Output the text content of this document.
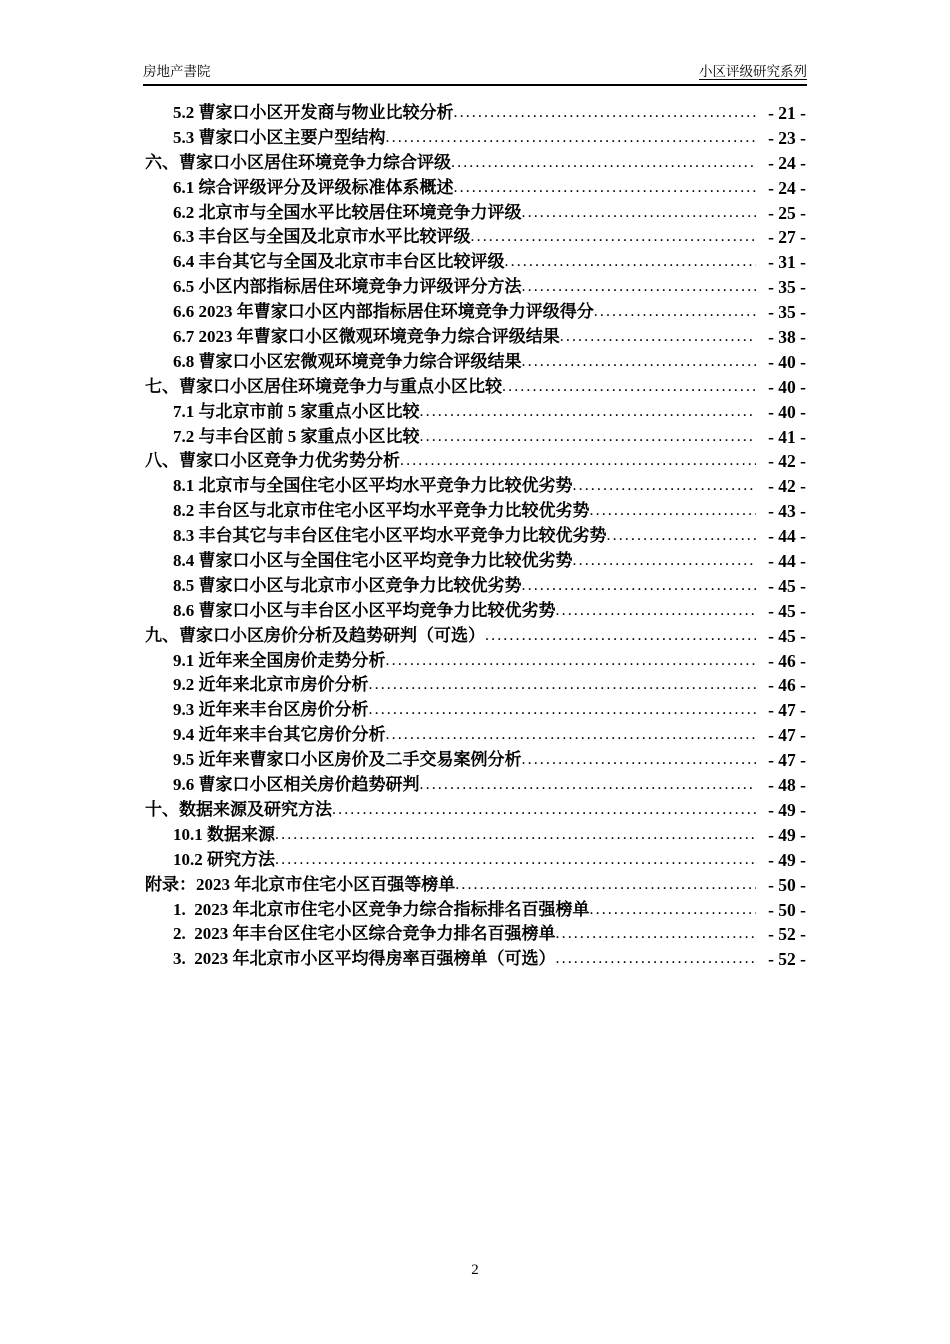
房地产書院	小区评级研究系列
5.2 曹家口小区开发商与物业比较分析 .....	- 21 -
5.3 曹家口小区主要户型结构 .....	- 23 -
六、曹家口小区居住环境竞争力综合评级 .....	- 24 -
6.1 综合评级评分及评级标准体系概述 .....	- 24 -
6.2 北京市与全国水平比较居住环境竞争力评级 .....	- 25 -
6.3 丰台区与全国及北京市水平比较评级 .....	- 27 -
6.4 丰台其它与全国及北京市丰台区比较评级 .....	- 31 -
6.5 小区内部指标居住环境竞争力评级评分方法 .....	- 35 -
6.6 2023 年曹家口小区内部指标居住环境竞争力评级得分 .....	- 35 -
6.7 2023 年曹家口小区微观环境竞争力综合评级结果 .....	- 38 -
6.8 曹家口小区宏微观环境竞争力综合评级结果 .....	- 40 -
七、曹家口小区居住环境竞争力与重点小区比较 .....	- 40 -
7.1 与北京市前 5 家重点小区比较 .....	- 40 -
7.2 与丰台区前 5 家重点小区比较 .....	- 41 -
八、曹家口小区竞争力优劣势分析 .....	- 42 -
8.1 北京市与全国住宅小区平均水平竞争力比较优劣势 .....	- 42 -
8.2 丰台区与北京市住宅小区平均水平竞争力比较优劣势 .....	- 43 -
8.3 丰台其它与丰台区住宅小区平均水平竞争力比较优劣势 .....	- 44 -
8.4 曹家口小区与全国住宅小区平均竞争力比较优劣势 .....	- 44 -
8.5 曹家口小区与北京市小区竞争力比较优劣势 .....	- 45 -
8.6 曹家口小区与丰台区小区平均竞争力比较优劣势 .....	- 45 -
九、曹家口小区房价分析及趋势研判（可选） .....	- 45 -
9.1 近年来全国房价走势分析 .....	- 46 -
9.2 近年来北京市房价分析 .....	- 46 -
9.3 近年来丰台区房价分析 .....	- 47 -
9.4 近年来丰台其它房价分析 .....	- 47 -
9.5 近年来曹家口小区房价及二手交易案例分析 .....	- 47 -
9.6 曹家口小区相关房价趋势研判 .....	- 48 -
十、数据来源及研究方法 .....	- 49 -
10.1 数据来源 .....	- 49 -
10.2 研究方法 .....	- 49 -
附录：2023 年北京市住宅小区百强等榜单 .....	- 50 -
1.  2023 年北京市住宅小区竞争力综合指标排名百强榜单 .....	- 50 -
2.  2023 年丰台区住宅小区综合竞争力排名百强榜单 .....	- 52 -
3.  2023 年北京市小区平均得房率百强榜单（可选） .....	- 52 -
2
